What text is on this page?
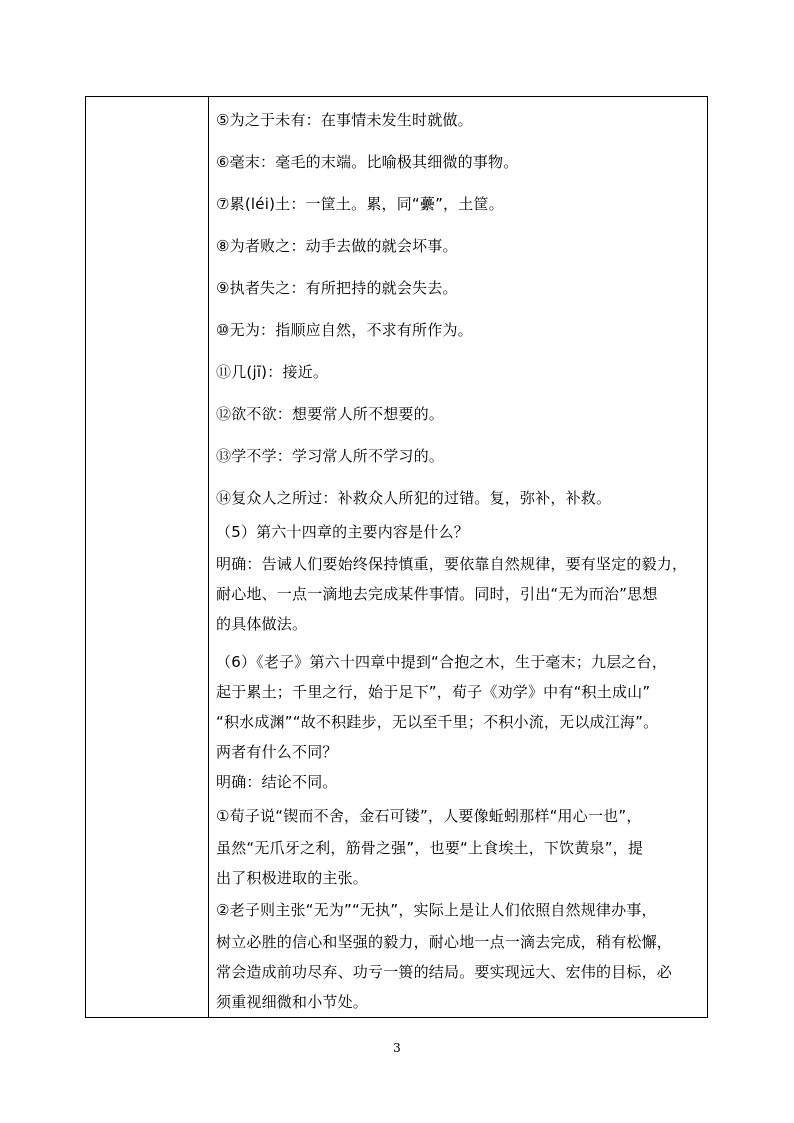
⑤为之于未有：在事情未发生时就做。
⑥毫末：毫毛的末端。比喻极其细微的事物。
⑦累(léi)土：一筐土。累，同“虆”，土筐。
⑧为者败之：动手去做的就会坏事。
⑨执者失之：有所把持的就会失去。
⑩无为：指顺应自然，不求有所作为。
⑪几(jī)：接近。
⑫欲不欲：想要常人所不想要的。
⑬学不学：学习常人所不学习的。
⑭复众人之所过：补救众人所犯的过错。复，弥补，补救。
（5）第六十四章的主要内容是什么？
明确：告诫人们要始终保持慎重，要依靠自然规律，要有坚定的毅力，
耐心地、一点一滴地去完成某件事情。同时，引出“无为而治”思想
的具体做法。
（6）《老子》第六十四章中提到“合抱之木，生于毫末；九层之台，
起于累土；千里之行，始于足下”，荀子《劝学》中有“积土成山”
“积水成渊”“故不积跬步，无以至千里；不积小流，无以成江海”。
两者有什么不同？
明确：结论不同。
①荀子说“锲而不舍，金石可镂”，人要像蚯蚓那样“用心一也”，
虽然“无爪牙之利，筋骨之强”，也要“上食埃土，下饮黄泉”，提
出了积极进取的主张。
②老子则主张“无为”“无执”，实际上是让人们依照自然规律办事，
树立必胜的信心和坚强的毅力，耐心地一点一滴去完成，稍有松懈，
常会造成前功尽弃、功亏一篑的结局。要实现远大、宏伟的目标，必
须重视细微和小节处。
3
